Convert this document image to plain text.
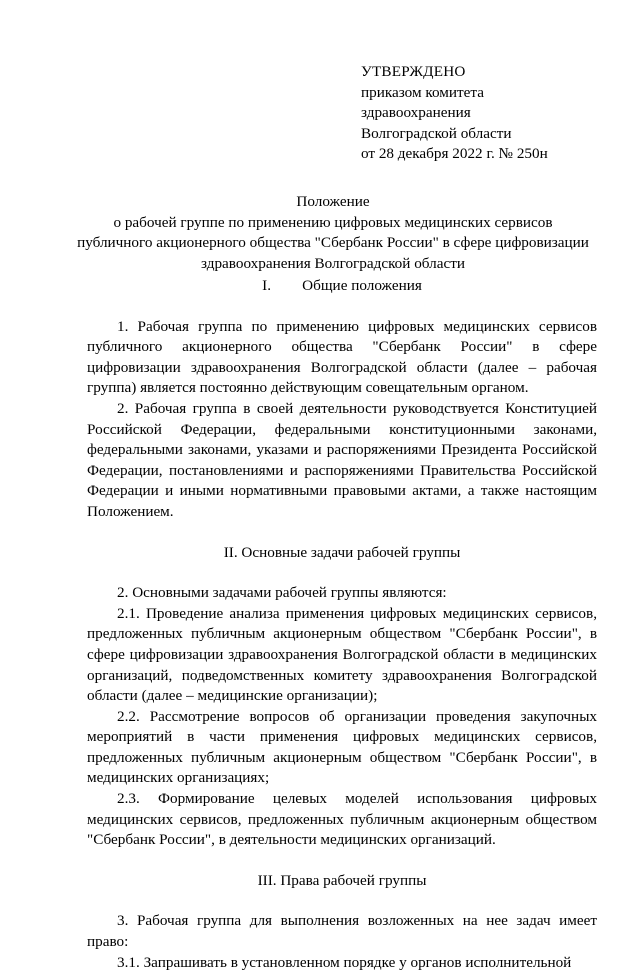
УТВЕРЖДЕНО
приказом комитета
здравоохранения
Волгоградской области
от 28 декабря 2022 г. № 250н
Положение
о рабочей группе по применению цифровых медицинских сервисов
публичного акционерного общества "Сбербанк России" в сфере цифровизации
здравоохранения Волгоградской области
I. Общие положения

1. Рабочая группа по применению цифровых медицинских сервисов публичного акционерного общества "Сбербанк России" в сфере цифровизации здравоохранения Волгоградской области (далее – рабочая группа) является постоянно действующим совещательным органом.

2. Рабочая группа в своей деятельности руководствуется Конституцией Российской Федерации, федеральными конституционными законами, федеральными законами, указами и распоряжениями Президента Российской Федерации, постановлениями и распоряжениями Правительства Российской Федерации и иными нормативными правовыми актами, а также настоящим Положением.

II. Основные задачи рабочей группы

2. Основными задачами рабочей группы являются:

2.1. Проведение анализа применения цифровых медицинских сервисов, предложенных публичным акционерным обществом "Сбербанк России", в сфере цифровизации здравоохранения Волгоградской области в медицинских организаций, подведомственных комитету здравоохранения Волгоградской области (далее – медицинские организации);

2.2. Рассмотрение вопросов об организации проведения закупочных мероприятий в части применения цифровых медицинских сервисов, предложенных публичным акционерным обществом "Сбербанк России", в медицинских организациях;

2.3. Формирование целевых моделей использования цифровых медицинских сервисов, предложенных публичным акционерным обществом "Сбербанк России", в деятельности медицинских организаций.

III. Права рабочей группы

3. Рабочая группа для выполнения возложенных на нее задач имеет право:

3.1. Запрашивать в установленном порядке у органов исполнительной
